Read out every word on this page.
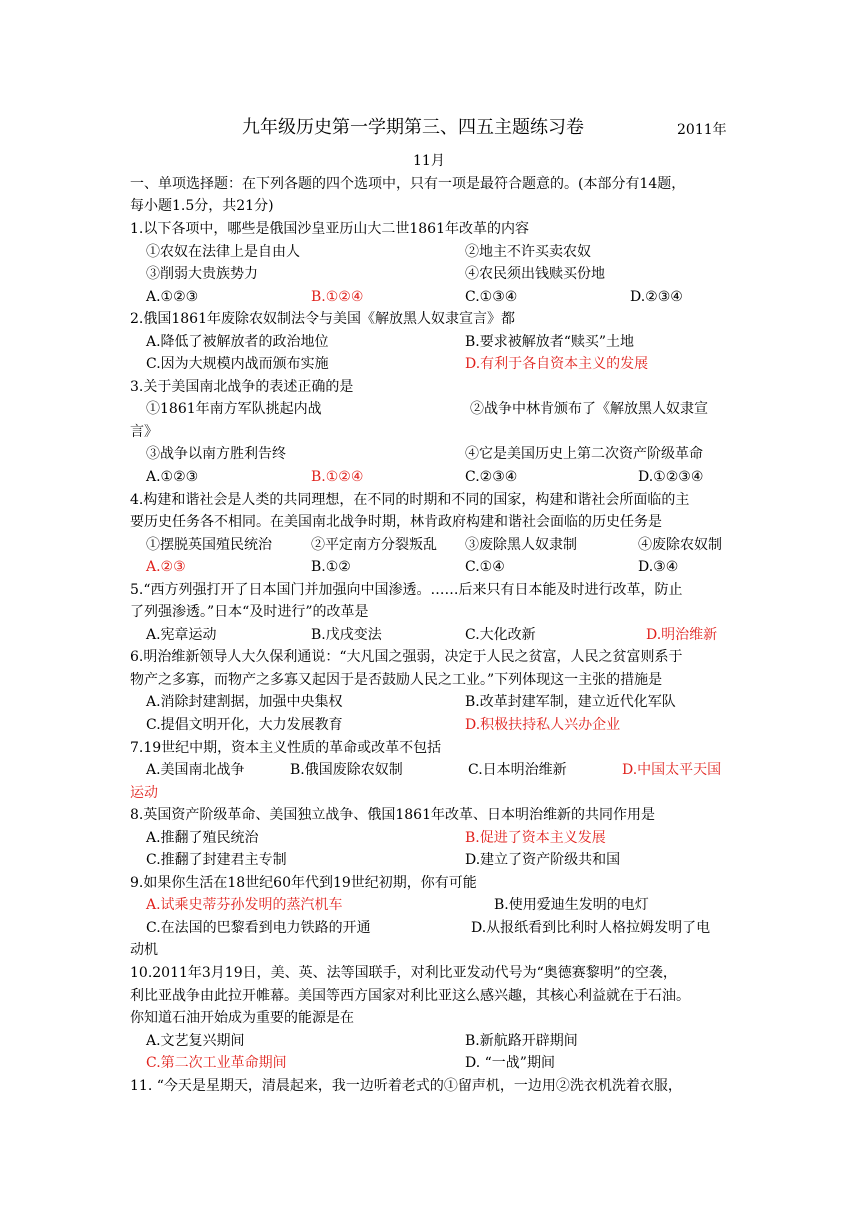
九年级历史第一学期第三、四五主题练习卷	2011年
11月
一、单项选择题：在下列各题的四个选项中，只有一项是最符合题意的。(本部分有14题，
每小题1.5分，共21分)
1.以下各项中，哪些是俄国沙皇亚历山大二世1861年改革的内容
①农奴在法律上是自由人	②地主不许买卖农奴
③削弱大贵族势力	④农民须出钱赎买份地
A.①②③	B.①②④	C.①③④	D.②③④
2.俄国1861年废除农奴制法令与美国《解放黑人奴隶宣言》都
A.降低了被解放者的政治地位	B.要求被解放者“赎买”土地
C.因为大规模内战而颁布实施	D.有利于各自资本主义的发展
3.关于美国南北战争的表述正确的是
①1861年南方军队挑起内战	②战争中林肯颁布了《解放黑人奴隶宣
言》
③战争以南方胜利告终	④它是美国历史上第二次资产阶级革命
A.①②③	B.①②④	C.②③④	D.①②③④
4.构建和谐社会是人类的共同理想，在不同的时期和不同的国家，构建和谐社会所面临的主
要历史任务各不相同。在美国南北战争时期，林肯政府构建和谐社会面临的历史任务是
①摆脱英国殖民统治	②平定南方分裂叛乱 ③废除黑人奴隶制	④废除农奴制
A.②③	B.①②	C.①④	D.③④
5.“西方列强打开了日本国门并加强向中国渗透。……后来只有日本能及时进行改革，防止
了列强渗透。”日本“及时进行”的改革是
A.宪章运动	B.戊戌变法	C.大化改新	D.明治维新
6.明治维新领导人大久保利通说：“大凡国之强弱，决定于人民之贫富，人民之贫富则系于
物产之多寡，而物产之多寡又起因于是否鼓励人民之工业。”下列体现这一主张的措施是
A.消除封建割据，加强中央集权	B.改革封建军制，建立近代化军队
C.提倡文明开化，大力发展教育	D.积极扶持私人兴办企业
7.19世纪中期，资本主义性质的革命或改革不包括
A.美国南北战争	B.俄国废除农奴制	C.日本明治维新	D.中国太平天国
运动
8.英国资产阶级革命、美国独立战争、俄国1861年改革、日本明治维新的共同作用是
A.推翻了殖民统治	B.促进了资本主义发展
C.推翻了封建君主专制	D.建立了资产阶级共和国
9.如果你生活在18世纪60年代到19世纪初期，你有可能
A.试乘史蒂芬孙发明的蒸汽机车	B.使用爱迪生发明的电灯
C.在法国的巴黎看到电力铁路的开通	D.从报纸看到比利时人格拉姆发明了电
动机
10.2011年3月19日，美、英、法等国联手，对利比亚发动代号为“奥德赛黎明”的空袭，
利比亚战争由此拉开帷幕。美国等西方国家对利比亚这么感兴趣，其核心利益就在于石油。
你知道石油开始成为重要的能源是在
A.文艺复兴期间	B.新航路开辟期间
C.第二次工业革命期间	D. “一战”期间
11. “今天是星期天，清晨起来，我一边听着老式的①留声机，一边用②洗衣机洗着衣服，
